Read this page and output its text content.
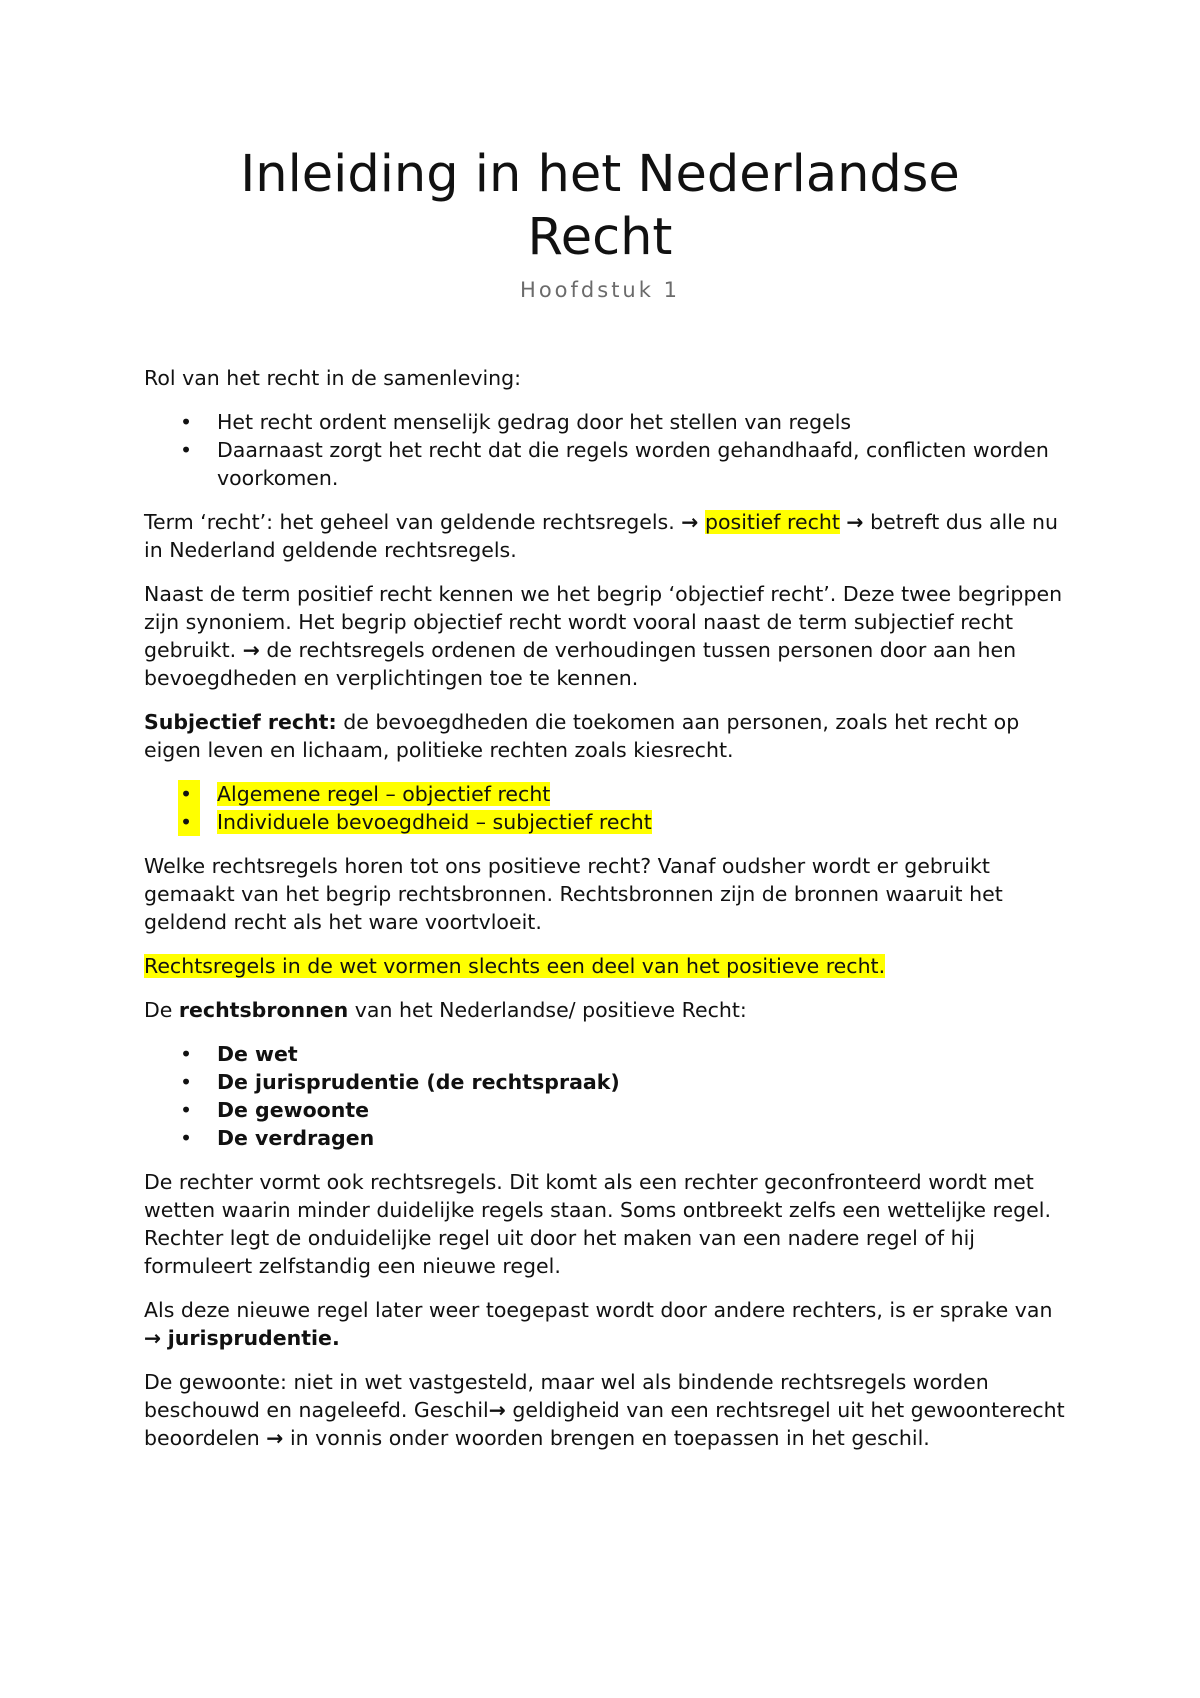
Inleiding in het Nederlandse
Recht
Hoofdstuk 1

Rol van het recht in de samenleving:

• Het recht ordent menselijk gedrag door het stellen van regels
• Daarnaast zorgt het recht dat die regels worden gehandhaafd, conflicten worden voorkomen.

Term ‘recht’: het geheel van geldende rechtsregels. → positief recht → betreft dus alle nu in Nederland geldende rechtsregels.

Naast de term positief recht kennen we het begrip ‘objectief recht’. Deze twee begrippen zijn synoniem. Het begrip objectief recht wordt vooral naast de term subjectief recht gebruikt. → de rechtsregels ordenen de verhoudingen tussen personen door aan hen bevoegdheden en verplichtingen toe te kennen.

Subjectief recht: de bevoegdheden die toekomen aan personen, zoals het recht op eigen leven en lichaam, politieke rechten zoals kiesrecht.

• Algemene regel – objectief recht
• Individuele bevoegdheid – subjectief recht

Welke rechtsregels horen tot ons positieve recht? Vanaf oudsher wordt er gebruikt gemaakt van het begrip rechtsbronnen. Rechtsbronnen zijn de bronnen waaruit het geldend recht als het ware voortvloeit.

Rechtsregels in de wet vormen slechts een deel van het positieve recht.

De rechtsbronnen van het Nederlandse/ positieve Recht:

• De wet
• De jurisprudentie (de rechtspraak)
• De gewoonte
• De verdragen

De rechter vormt ook rechtsregels. Dit komt als een rechter geconfronteerd wordt met wetten waarin minder duidelijke regels staan. Soms ontbreekt zelfs een wettelijke regel. Rechter legt de onduidelijke regel uit door het maken van een nadere regel of hij formuleert zelfstandig een nieuwe regel.

Als deze nieuwe regel later weer toegepast wordt door andere rechters, is er sprake van → jurisprudentie.

De gewoonte: niet in wet vastgesteld, maar wel als bindende rechtsregels worden beschouwd en nageleefd. Geschil→ geldigheid van een rechtsregel uit het gewoonterecht beoordelen → in vonnis onder woorden brengen en toepassen in het geschil.
